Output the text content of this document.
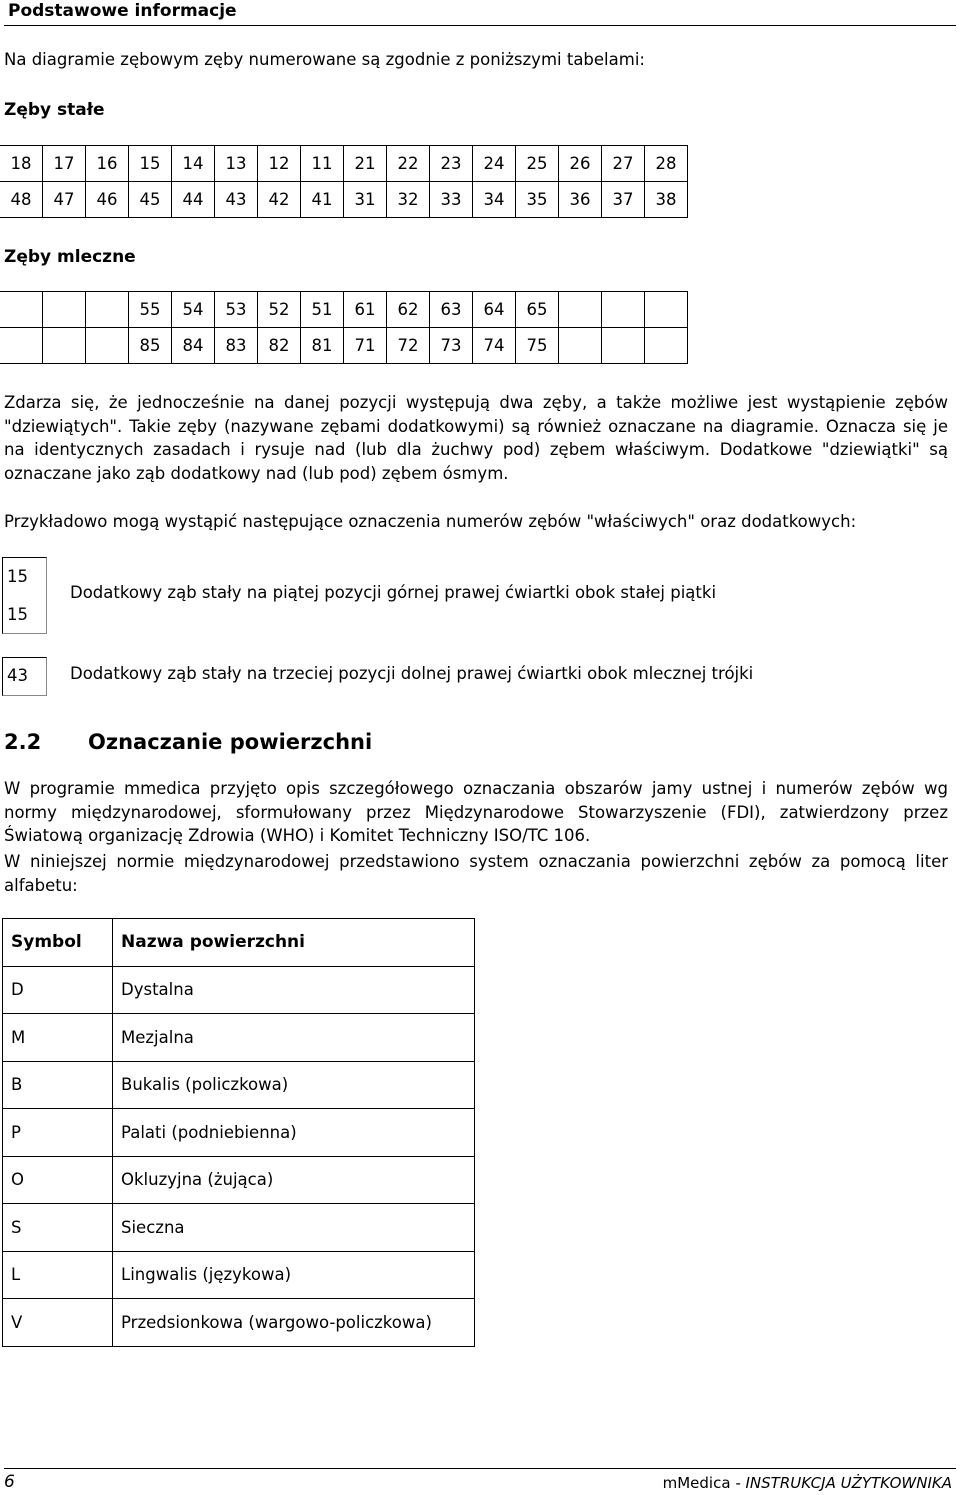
Podstawowe informacje
Na diagramie zębowym zęby numerowane są zgodnie z poniższymi tabelami:
Zęby stałe
18	17	16	15	14	13	12	11	21	22	23	24	25	26	27	28
48	47	46	45	44	43	42	41	31	32	33	34	35	36	37	38
Zęby mleczne
			55	54	53	52	51	61	62	63	64	65			
			85	84	83	82	81	71	72	73	74	75			
Zdarza się, że jednocześnie na danej pozycji występują dwa zęby, a także możliwe jest wystąpienie zębów "dziewiątych". Takie zęby (nazywane zębami dodatkowymi) są również oznaczane na diagramie. Oznacza się je na identycznych zasadach i rysuje nad (lub dla żuchwy pod) zębem właściwym. Dodatkowe "dziewiątki" są oznaczane jako ząb dodatkowy nad (lub pod) zębem ósmym.
Przykładowo mogą wystąpić następujące oznaczenia numerów zębów "właściwych" oraz dodatkowych:
15
15
Dodatkowy ząb stały na piątej pozycji górnej prawej ćwiartki obok stałej piątki
43	Dodatkowy ząb stały na trzeciej pozycji dolnej prawej ćwiartki obok mlecznej trójki
2.2 Oznaczanie powierzchni
W programie mmedica przyjęto opis szczegółowego oznaczania obszarów jamy ustnej i numerów zębów wg normy międzynarodowej, sformułowany przez Międzynarodowe Stowarzyszenie (FDI), zatwierdzony przez Światową organizację Zdrowia (WHO) i Komitet Techniczny ISO/TC 106.
W niniejszej normie międzynarodowej przedstawiono system oznaczania powierzchni zębów za pomocą liter alfabetu:
Symbol	Nazwa powierzchni
D	Dystalna
M	Mezjalna
B	Bukalis (policzkowa)
P	Palati (podniebienna)
O	Okluzyjna (żująca)
S	Sieczna
L	Lingwalis (językowa)
V	Przedsionkowa (wargowo-policzkowa)
6	mMedica - INSTRUKCJA UŻYTKOWNIKA
